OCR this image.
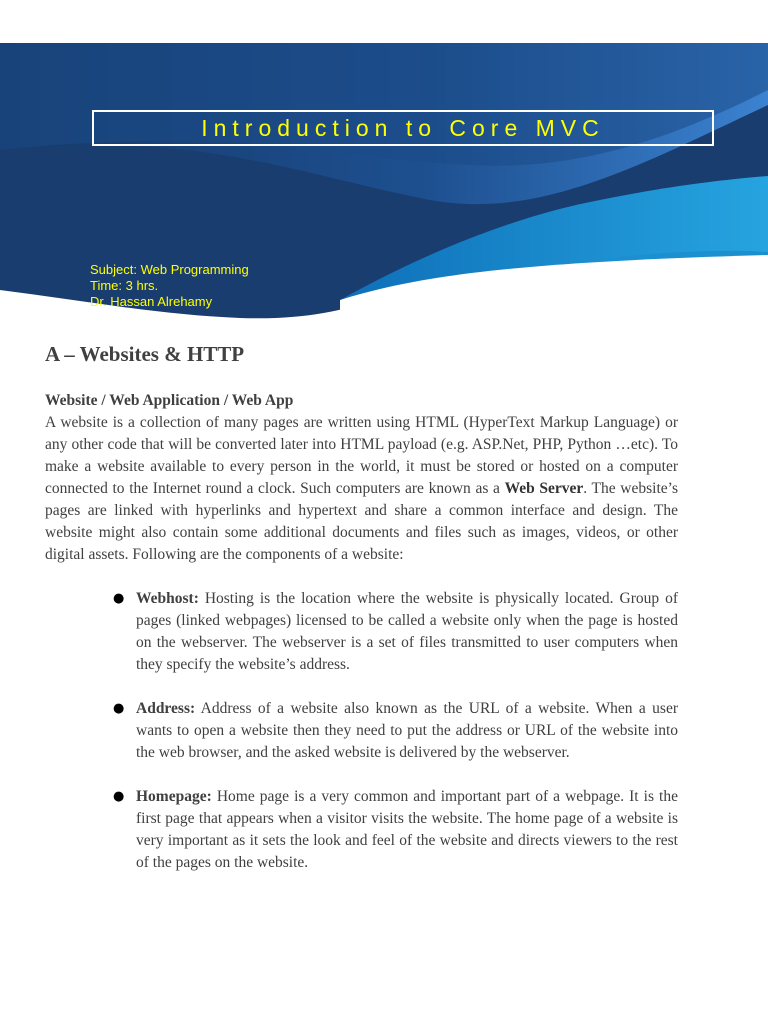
Introduction to Core MVC
Subject: Web Programming
Time: 3 hrs.
Dr. Hassan Alrehamy
A – Websites & HTTP
Website / Web Application / Web App

A website is a collection of many pages are written using HTML (HyperText Markup Language) or any other code that will be converted later into HTML payload (e.g. ASP.Net, PHP, Python …etc). To make a website available to every person in the world, it must be stored or hosted on a computer connected to the Internet round a clock. Such computers are known as a Web Server. The website’s pages are linked with hyperlinks and hypertext and share a common interface and design. The website might also contain some additional documents and files such as images, videos, or other digital assets. Following are the components of a website:

● Webhost: Hosting is the location where the website is physically located. Group of pages (linked webpages) licensed to be called a website only when the page is hosted on the webserver. The webserver is a set of files transmitted to user computers when they specify the website’s address.
● Address: Address of a website also known as the URL of a website. When a user wants to open a website then they need to put the address or URL of the website into the web browser, and the asked website is delivered by the webserver.
● Homepage: Home page is a very common and important part of a webpage. It is the first page that appears when a visitor visits the website. The home page of a website is very important as it sets the look and feel of the website and directs viewers to the rest of the pages on the website.
